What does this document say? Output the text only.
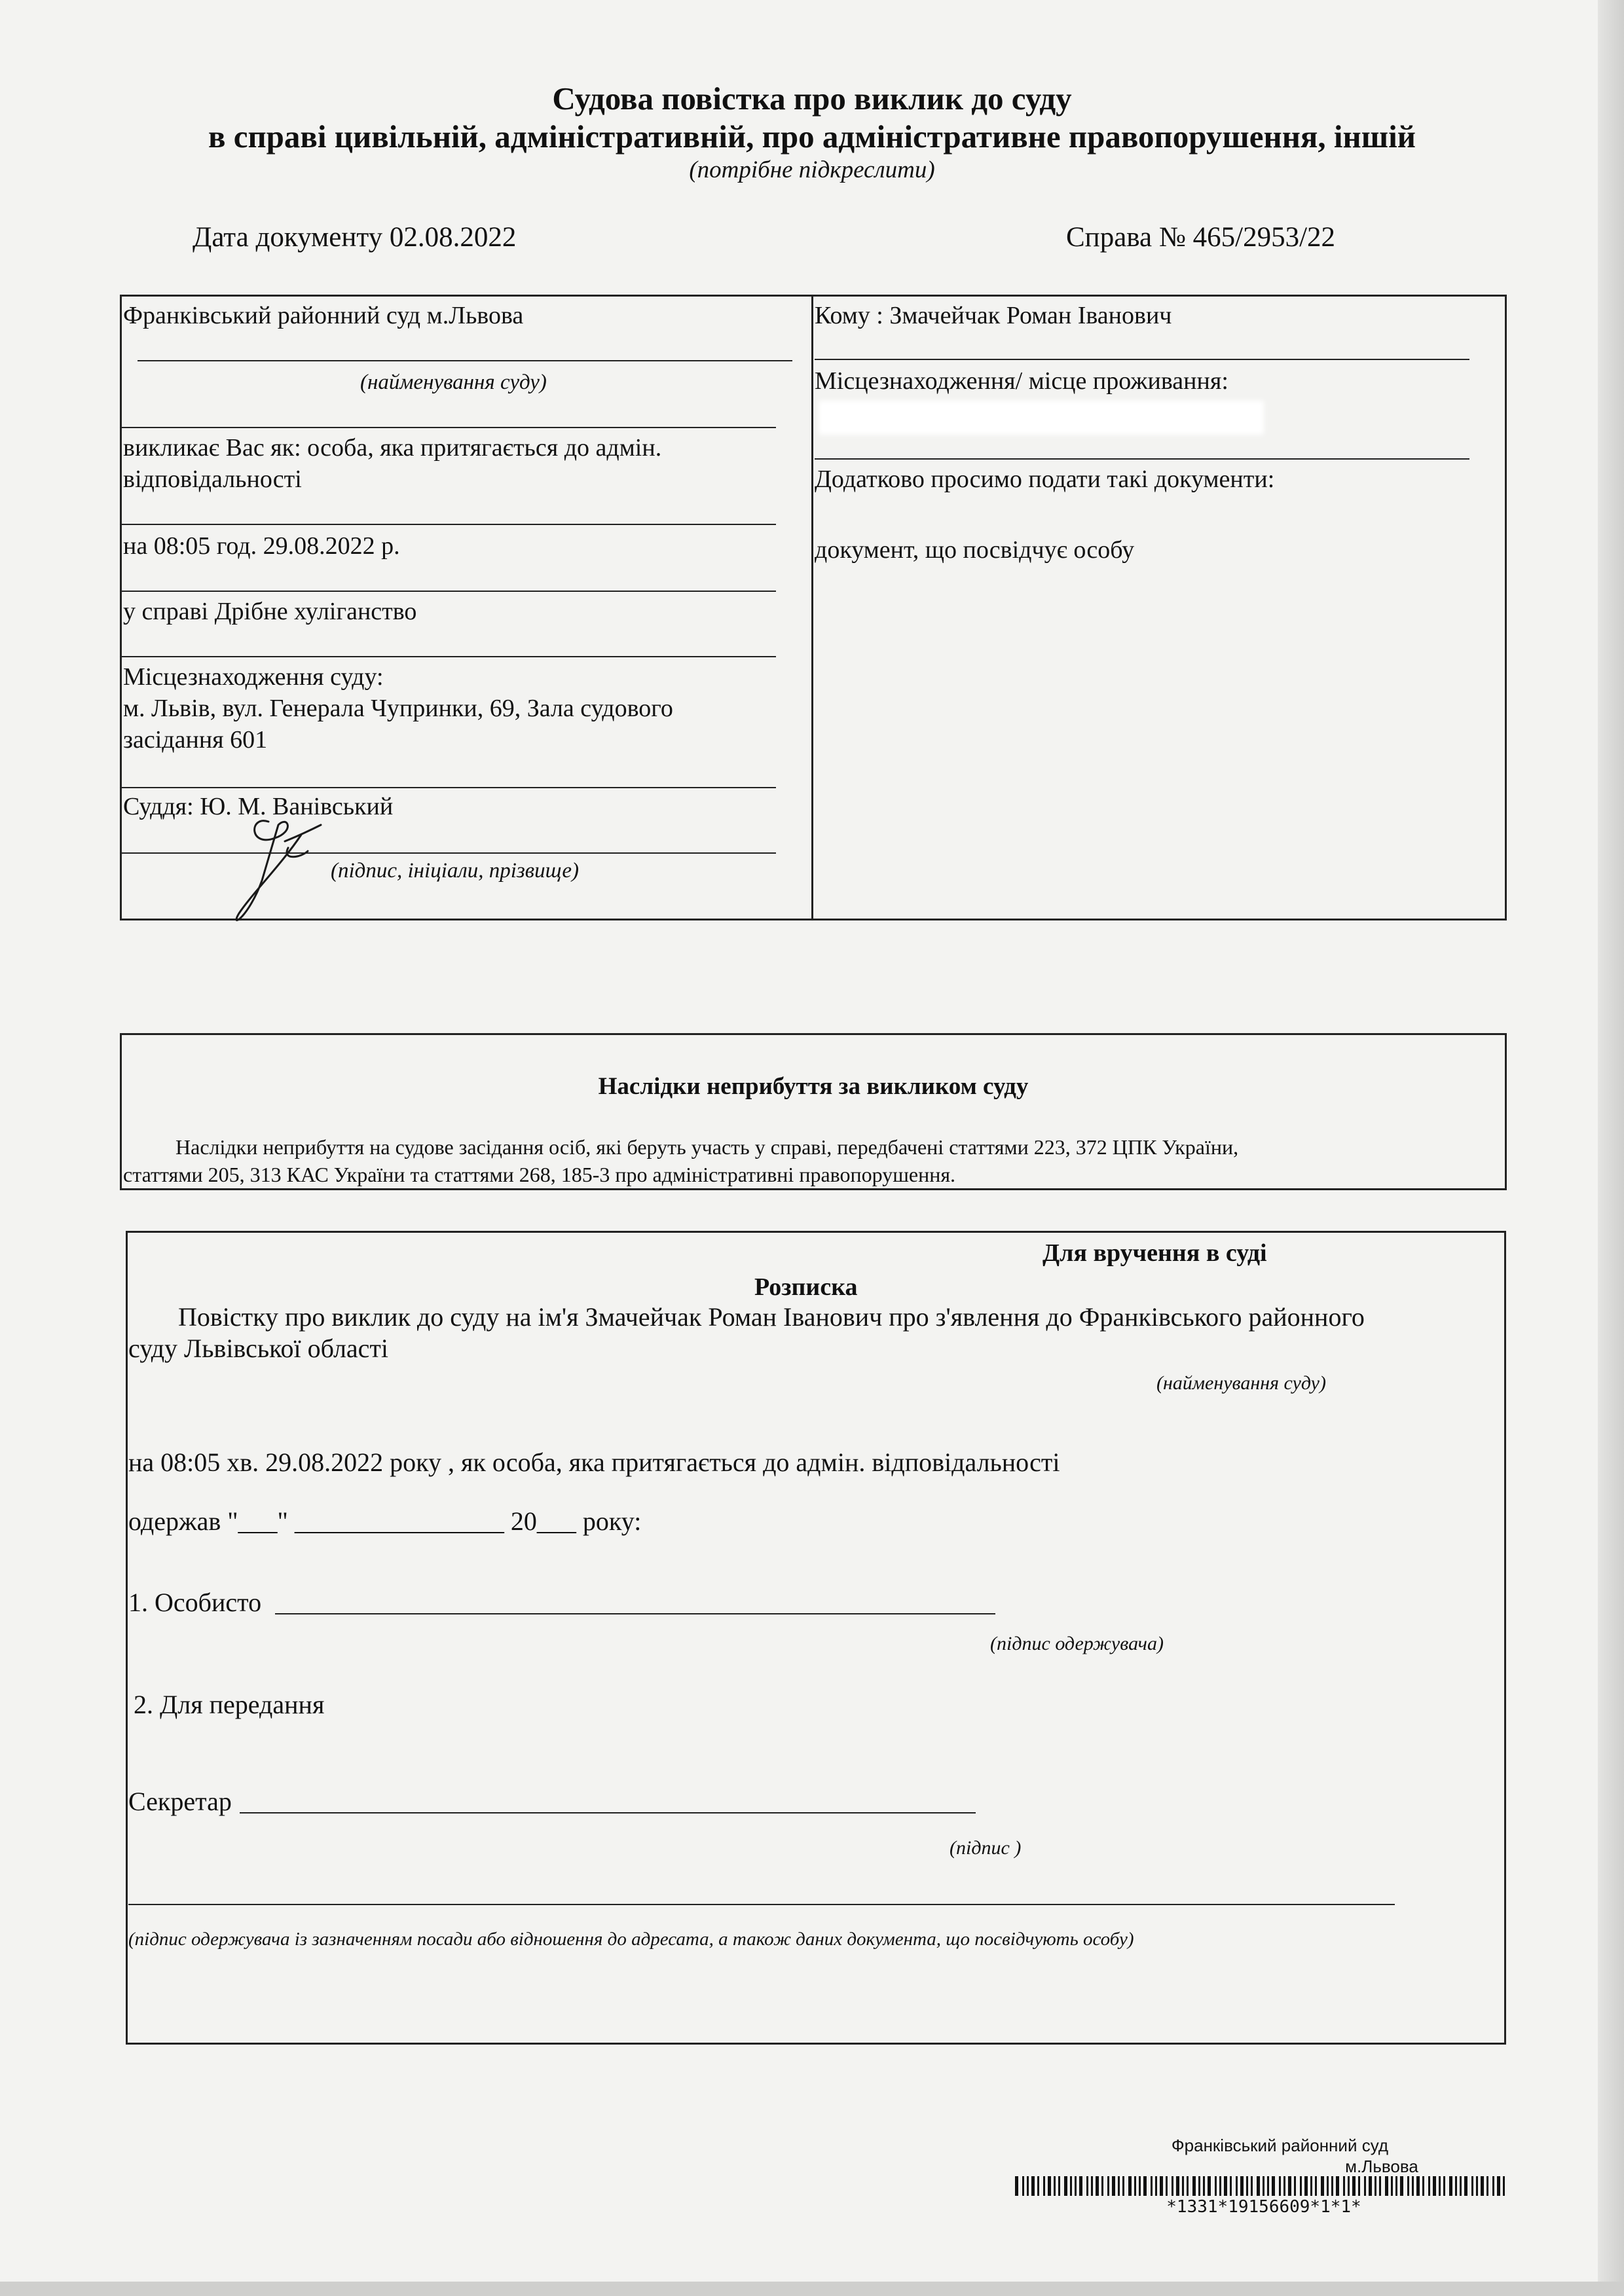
Судова повістка про виклик до суду
в справі цивільній, адміністративній, про адміністративне правопорушення, іншій
(потрібне підкреслити)
Дата документу 02.08.2022	Справа № 465/2953/22
Франківський районний суд м.Львова
(найменування суду)
викликає Вас як: особа, яка притягається до адмін.
відповідальності
на 08:05 год. 29.08.2022 р.
у справі Дрібне хуліганство
Місцезнаходження суду:
м. Львів, вул. Генерала Чупринки, 69, Зала судового
засідання 601
Суддя: Ю. М. Ванівський
(підпис, ініціали, прізвище)
Кому : Змачейчак Роман Іванович
Місцезнаходження/ місце проживання:
Додатково просимо подати такі документи:
документ, що посвідчує особу
Наслідки неприбуття за викликом суду
Наслідки неприбуття на судове засідання осіб, які беруть участь у справі, передбачені статтями 223, 372 ЦПК України,
статтями 205, 313 КАС України та статтями 268, 185-3 про адміністративні правопорушення.
Для вручення в суді
Розписка
Повістку про виклик до суду на ім'я Змачейчак Роман Іванович про з'явлення до Франківського районного
суду Львівської області
(найменування суду)
на 08:05 хв. 29.08.2022 року , як особа, яка притягається до адмін. відповідальності
одержав "___" ________________ 20___ року:
1. Особисто
(підпис одержувача)
2. Для передання
Секретар
(підпис )
(підпис одержувача із зазначенням посади або відношення до адресата, а також даних документа, що посвідчують особу)
Франківський районний суд
м.Львова
*1331*19156609*1*1*
